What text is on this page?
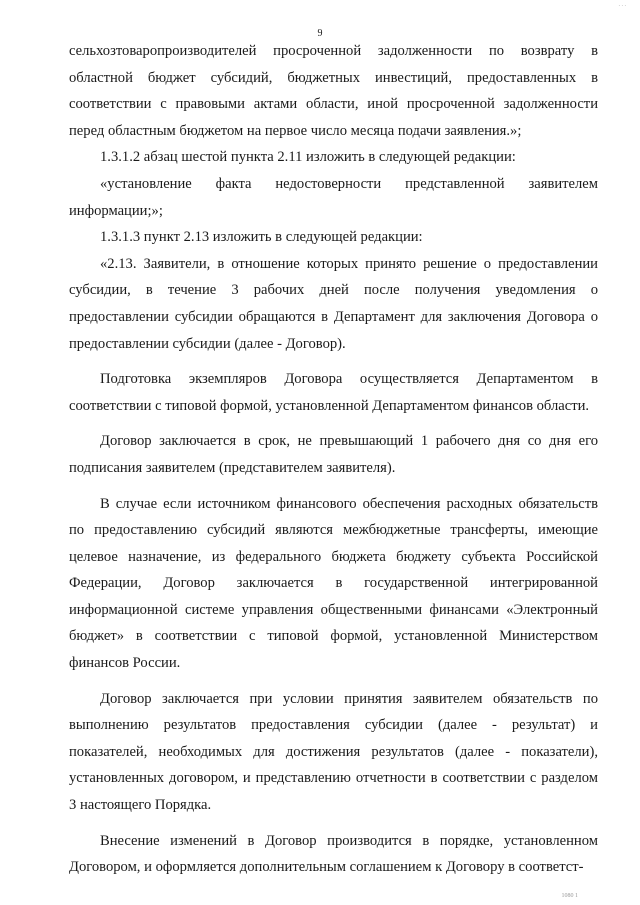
9
. . .

сельхозтоваропроизводителей просроченной задолженности по возврату в областной бюджет субсидий, бюджетных инвестиций, предоставленных в соответствии с правовыми актами области, иной просроченной задолженности перед областным бюджетом на первое число месяца подачи заявления.»;

1.3.1.2 абзац шестой пункта 2.11 изложить в следующей редакции:

«установление факта недостоверности представленной заявителем информации;»;

1.3.1.3 пункт 2.13 изложить в следующей редакции:

«2.13. Заявители, в отношение которых принято решение о предоставлении субсидии, в течение 3 рабочих дней после получения уведомления о предоставлении субсидии обращаются в Департамент для заключения Договора о предоставлении субсидии (далее - Договор).

Подготовка экземпляров Договора осуществляется Департаментом в соответствии с типовой формой, установленной Департаментом финансов области.

Договор заключается в срок, не превышающий 1 рабочего дня со дня его подписания заявителем (представителем заявителя).

В случае если источником финансового обеспечения расходных обязательств по предоставлению субсидий являются межбюджетные трансферты, имеющие целевое назначение, из федерального бюджета бюджету субъекта Российской Федерации, Договор заключается в государственной интегрированной информационной системе управления общественными финансами «Электронный бюджет» в соответствии с типовой формой, установленной Министерством финансов России.

Договор заключается при условии принятия заявителем обязательств по выполнению результатов предоставления субсидии (далее - результат) и показателей, необходимых для достижения результатов (далее - показатели), установленных договором, и представлению отчетности в соответствии с разделом 3 настоящего Порядка.

Внесение изменений в Договор производится в порядке, установленном Договором, и оформляется дополнительным соглашением к Договору в соответст-

1080 1
